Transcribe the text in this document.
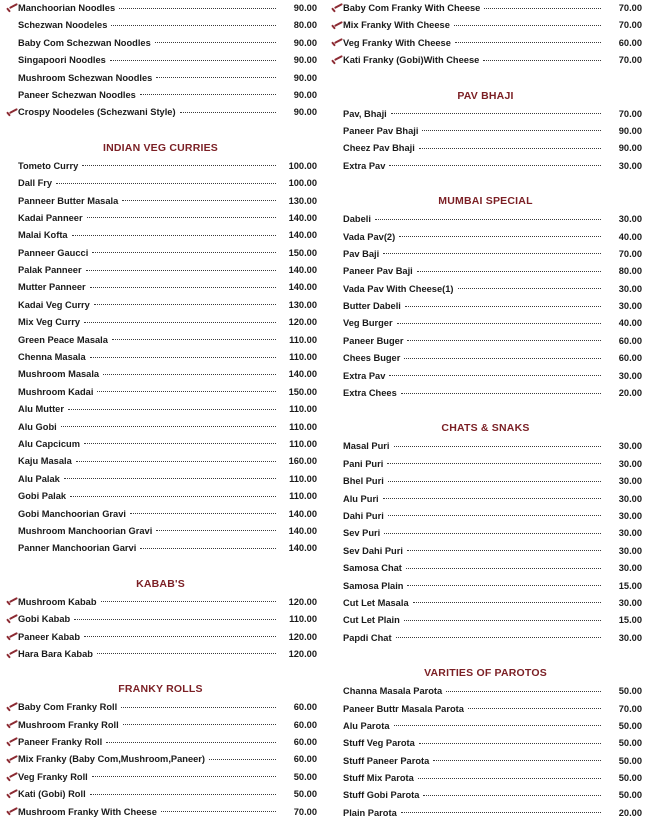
Manchoorian Noodles	90.00
Schezwan Noodeles	80.00
Baby Com Schezwan Noodles	90.00
Singapoori Noodles	90.00
Mushroom Schezwan Noodles	90.00
Paneer Schezwan Noodles	90.00
Crospy Noodeles (Schezwani Style)	90.00
INDIAN VEG CURRIES
Tometo Curry	100.00
Dall Fry	100.00
Panneer Butter Masala	130.00
Kadai Panneer	140.00
Malai Kofta	140.00
Panneer Gaucci	150.00
Palak Panneer	140.00
Mutter Panneer	140.00
Kadai Veg Curry	130.00
Mix Veg Curry	120.00
Green Peace Masala	110.00
Chenna Masala	110.00
Mushroom Masala	140.00
Mushroom Kadai	150.00
Alu Mutter	110.00
Alu Gobi	110.00
Alu Capcicum	110.00
Kaju Masala	160.00
Alu Palak	110.00
Gobi Palak	110.00
Gobi Manchoorian Gravi	140.00
Mushroom Manchoorian Gravi	140.00
Panner Manchoorian Garvi	140.00
KABAB'S
Mushroom Kabab	120.00
Gobi Kabab	110.00
Paneer Kabab	120.00
Hara Bara Kabab	120.00
FRANKY ROLLS
Baby Com Franky Roll	60.00
Mushroom Franky Roll	60.00
Paneer Franky Roll	60.00
Mix Franky (Baby Com,Mushroom,Paneer)	60.00
Veg Franky Roll	50.00
Kati (Gobi) Roll	50.00
Mushroom Franky With Cheese	70.00
Baby Com Franky With Cheese	70.00
Mix Franky With Cheese	70.00
Veg Franky With Cheese	60.00
Kati Franky (Gobi)With Cheese	70.00
PAV BHAJI
Pav, Bhaji	70.00
Paneer Pav Bhaji	90.00
Cheez Pav Bhaji	90.00
Extra Pav	30.00
MUMBAI SPECIAL
Dabeli	30.00
Vada Pav(2)	40.00
Pav Baji	70.00
Paneer Pav Baji	80.00
Vada Pav With Cheese(1)	30.00
Butter Dabeli	30.00
Veg Burger	40.00
Paneer Buger	60.00
Chees Buger	60.00
Extra Pav	30.00
Extra Chees	20.00
CHATS & SNAKS
Masal Puri	30.00
Pani Puri	30.00
Bhel Puri	30.00
Alu Puri	30.00
Dahi Puri	30.00
Sev Puri	30.00
Sev Dahi Puri	30.00
Samosa Chat	30.00
Samosa Plain	15.00
Cut Let Masala	30.00
Cut Let Plain	15.00
Papdi Chat	30.00
VARITIES OF PAROTOS
Channa Masala Parota	50.00
Paneer Buttr Masala Parota	70.00
Alu Parota	50.00
Stuff Veg Parota	50.00
Stuff Paneer Parota	50.00
Stuff Mix Parota	50.00
Stuff Gobi Parota	50.00
Plain Parota	20.00
